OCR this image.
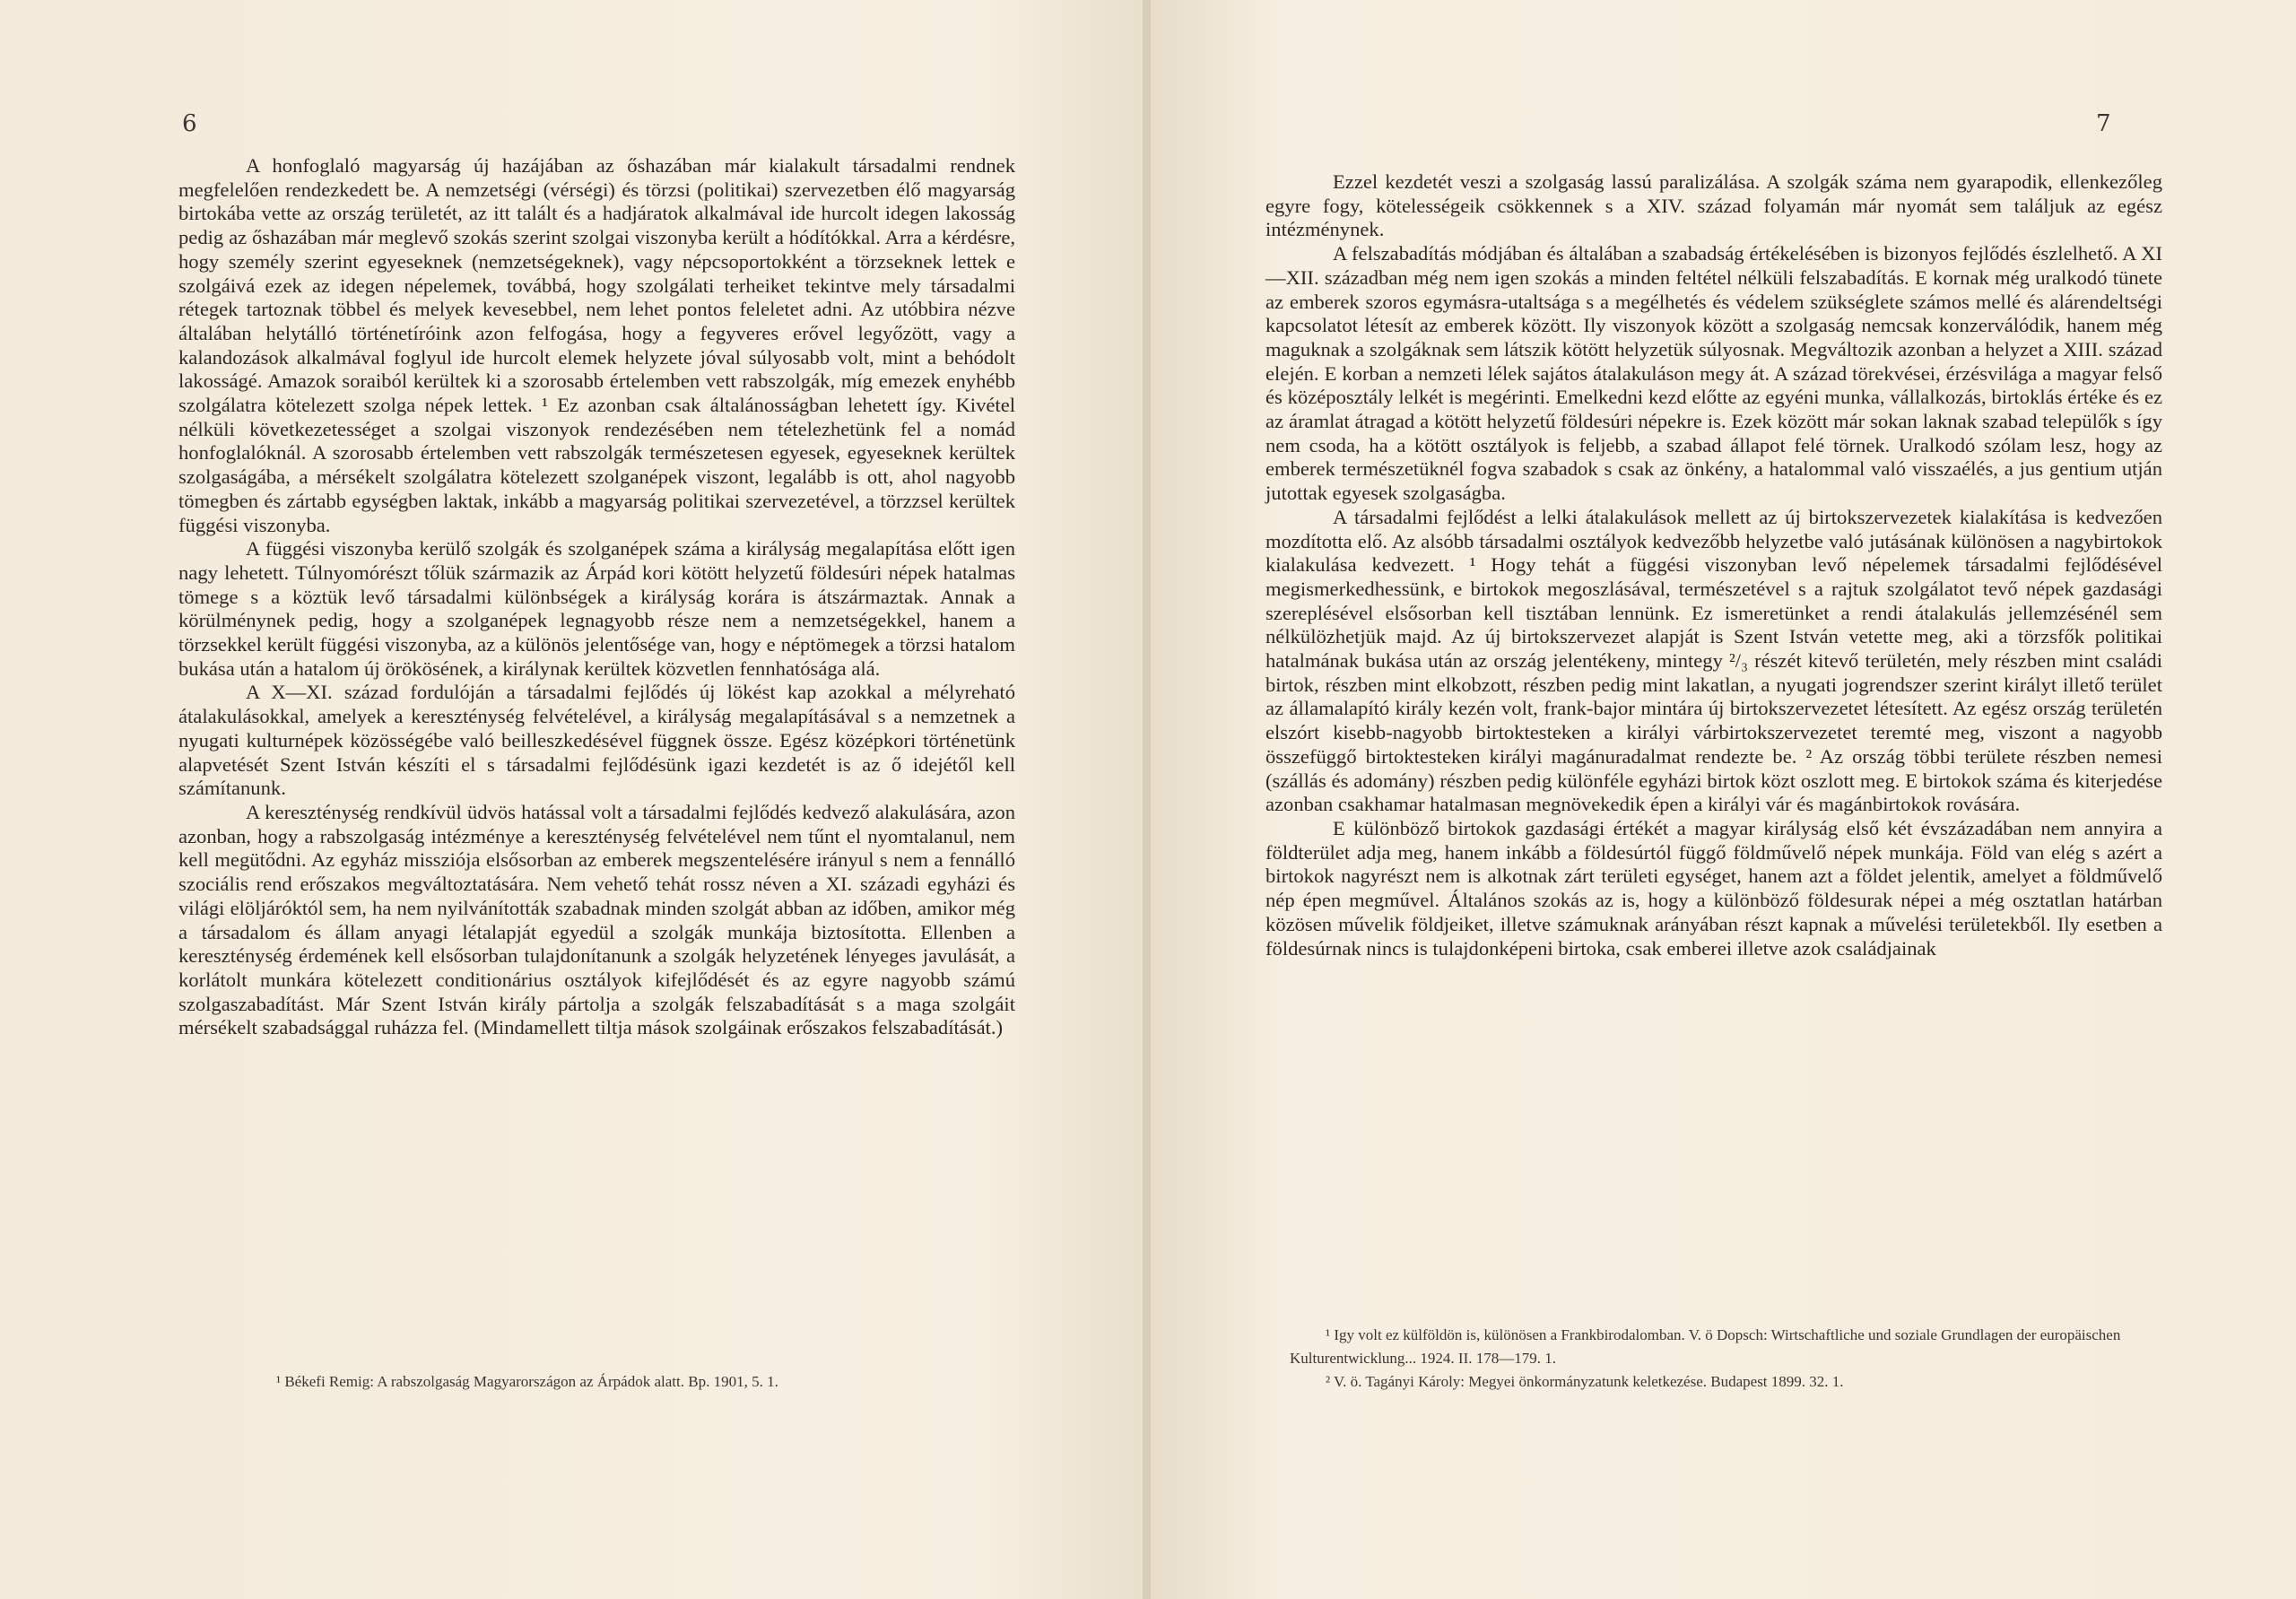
6

A honfoglaló magyarság új hazájában az őshazában már kialakult társadalmi rendnek megfelelően rendezkedett be. A nemzetségi (vérségi) és törzsi (politikai) szervezetben élő magyarság birtokába vette az ország területét, az itt talált és a hadjáratok alkalmával ide hurcolt idegen lakosság pedig az őshazában már meglevő szokás szerint szolgai viszonyba került a hódítókkal. Arra a kérdésre, hogy személy szerint egyeseknek (nemzetségeknek), vagy népcsoportokként a törzseknek lettek e szolgáivá ezek az idegen népelemek, továbbá, hogy szolgálati terheiket tekintve mely társadalmi rétegek tartoznak többel és melyek kevesebbel, nem lehet pontos feleletet adni. Az utóbbira nézve általában helytálló történetíróink azon felfogása, hogy a fegyveres erővel legyőzött, vagy a kalandozások alkalmával foglyul ide hurcolt elemek helyzete jóval súlyosabb volt, mint a behódolt lakosságé. Amazok soraiból kerültek ki a szorosabb értelemben vett rabszolgák, míg emezek enyhébb szolgálatra kötelezett szolga népek lettek. ¹ Ez azonban csak általánosságban lehetett így. Kivétel nélküli következetességet a szolgai viszonyok rendezésében nem tételezhetünk fel a nomád honfoglalóknál. A szorosabb értelemben vett rabszolgák természetesen egyesek, egyeseknek kerültek szolgaságába, a mérsékelt szolgálatra kötelezett szolganépek viszont, legalább is ott, ahol nagyobb tömegben és zártabb egységben laktak, inkább a magyarság politikai szervezetével, a törzzsel kerültek függési viszonyba.

A függési viszonyba kerülő szolgák és szolganépek száma a királyság megalapítása előtt igen nagy lehetett. Túlnyomórészt tőlük származik az Árpád kori kötött helyzetű földesúri népek hatalmas tömege s a köztük levő társadalmi különbségek a királyság korára is átszármaztak. Annak a körülménynek pedig, hogy a szolganépek legnagyobb része nem a nemzetségekkel, hanem a törzsekkel került függési viszonyba, az a különös jelentősége van, hogy e néptömegek a törzsi hatalom bukása után a hatalom új örökösének, a királynak kerültek közvetlen fennhatósága alá.

A X—XI. század fordulóján a társadalmi fejlődés új lökést kap azokkal a mélyreható átalakulásokkal, amelyek a kereszténység felvételével, a királyság megalapításával s a nemzetnek a nyugati kulturnépek közösségébe való beilleszkedésével függnek össze. Egész középkori történetünk alapvetését Szent István készíti el s társadalmi fejlődésünk igazi kezdetét is az ő idejétől kell számítanunk.

A kereszténység rendkívül üdvös hatással volt a társadalmi fejlődés kedvező alakulására, azon azonban, hogy a rabszolgaság intézménye a kereszténység felvételével nem tűnt el nyomtalanul, nem kell megütődni. Az egyház missziója elsősorban az emberek megszentelésére irányul s nem a fennálló szociális rend erőszakos megváltoztatására. Nem vehető tehát rossz néven a XI. századi egyházi és világi elöljáróktól sem, ha nem nyilvánították szabadnak minden szolgát abban az időben, amikor még a társadalom és állam anyagi létalapját egyedül a szolgák munkája biztosította. Ellenben a kereszténység érdemének kell elsősorban tulajdonítanunk a szolgák helyzetének lényeges javulását, a korlátolt munkára kötelezett conditionárius osztályok kifejlődését és az egyre nagyobb számú szolgaszabadítást. Már Szent István király pártolja a szolgák felszabadítását s a maga szolgáit mérsékelt szabadsággal ruházza fel. (Mindamellett tiltja mások szolgáinak erőszakos felszabadítását.)

¹ Békefi Remig: A rabszolgaság Magyarországon az Árpádok alatt. Bp. 1901, 5. 1.

7

Ezzel kezdetét veszi a szolgaság lassú paralizálása. A szolgák száma nem gyarapodik, ellenkezőleg egyre fogy, kötelességeik csökkennek s a XIV. század folyamán már nyomát sem találjuk az egész intézménynek.

A felszabadítás módjában és általában a szabadság értékelésében is bizonyos fejlődés észlelhető. A XI—XII. században még nem igen szokás a minden feltétel nélküli felszabadítás. E kornak még uralkodó tünete az emberek szoros egymásra-utaltsága s a megélhetés és védelem szükséglete számos mellé és alárendeltségi kapcsolatot létesít az emberek között. Ily viszonyok között a szolgaság nemcsak konzerválódik, hanem még maguknak a szolgáknak sem látszik kötött helyzetük súlyosnak. Megváltozik azonban a helyzet a XIII. század elején. E korban a nemzeti lélek sajátos átalakuláson megy át. A század törekvései, érzésvilága a magyar felső és középosztály lelkét is megérinti. Emelkedni kezd előtte az egyéni munka, vállalkozás, birtoklás értéke és ez az áramlat átragad a kötött helyzetű földesúri népekre is. Ezek között már sokan laknak szabad települők s így nem csoda, ha a kötött osztályok is feljebb, a szabad állapot felé törnek. Uralkodó szólam lesz, hogy az emberek természetüknél fogva szabadok s csak az önkény, a hatalommal való visszaélés, a jus gentium utján jutottak egyesek szolgaságba.

A társadalmi fejlődést a lelki átalakulások mellett az új birtokszervezetek kialakítása is kedvezően mozdította elő. Az alsóbb társadalmi osztályok kedvezőbb helyzetbe való jutásának különösen a nagybirtokok kialakulása kedvezett. ¹ Hogy tehát a függési viszonyban levő népelemek társadalmi fejlődésével megismerkedhessünk, e birtokok megoszlásával, természetével s a rajtuk szolgálatot tevő népek gazdasági szereplésével elsősorban kell tisztában lennünk. Ez ismeretünket a rendi átalakulás jellemzésénél sem nélkülözhetjük majd. Az új birtokszervezet alapját is Szent István vetette meg, aki a törzsfők politikai hatalmának bukása után az ország jelentékeny, mintegy ²/₃ részét kitevő területén, mely részben mint családi birtok, részben mint elkobzott, részben pedig mint lakatlan, a nyugati jogrendszer szerint királyt illető terület az államalapító király kezén volt, frank-bajor mintára új birtokszervezetet létesített. Az egész ország területén elszórt kisebb-nagyobb birtoktesteken a királyi várbirtokszervezetet teremté meg, viszont a nagyobb összefüggő birtoktesteken királyi magánuradalmat rendezte be. ² Az ország többi területe részben nemesi (szállás és adomány) részben pedig különféle egyházi birtok közt oszlott meg. E birtokok száma és kiterjedése azonban csakhamar hatalmasan megnövekedik épen a királyi vár és magánbirtokok rovására.

E különböző birtokok gazdasági értékét a magyar királyság első két évszázadában nem annyira a földterület adja meg, hanem inkább a földesúrtól függő földművelő népek munkája. Föld van elég s azért a birtokok nagyrészt nem is alkotnak zárt területi egységet, hanem azt a földet jelentik, amelyet a földművelő nép épen megművel. Általános szokás az is, hogy a különböző földesurak népei a még osztatlan határban közösen művelik földjeiket, illetve számuknak arányában részt kapnak a művelési területekből. Ily esetben a földesúrnak nincs is tulajdonképeni birtoka, csak emberei illetve azok családjainak

¹ Igy volt ez külföldön is, különösen a Frankbirodalomban. V. ö Dopsch: Wirtschaftliche und soziale Grundlagen der europäischen Kulturentwicklung... 1924. II. 178—179. 1.

² V. ö. Tagányi Károly: Megyei önkormányzatunk keletkezése. Budapest 1899. 32. 1.
